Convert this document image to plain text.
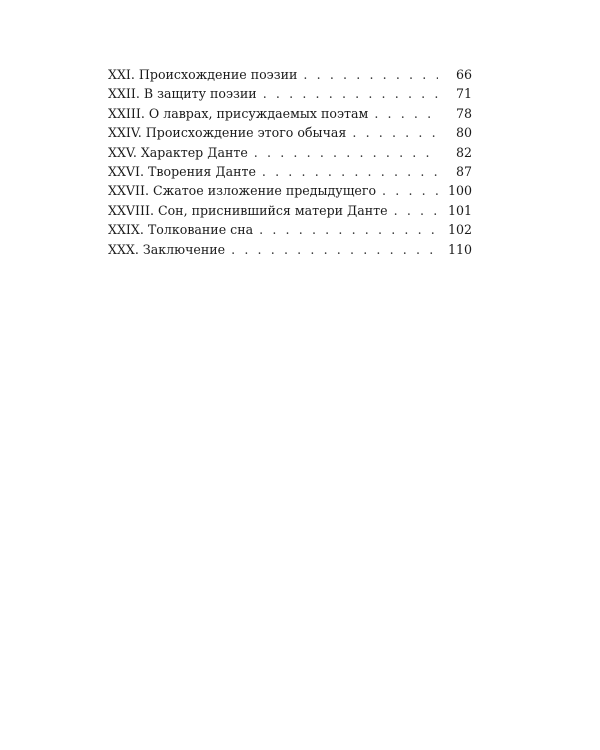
XXI. Происхождение поэзии . . .	66
XXII. В защиту поэзии . . .	71
XXIII. О лаврах, присуждаемых поэтам . . .	78
XXIV. Происхождение этого обычая . . .	80
XXV. Характер Данте . . .	82
XXVI. Творения Данте . . .	87
XXVII. Сжатое изложение предыдущего . . .	100
XXVIII. Сон, приснившийся матери Данте . . .	101
XXIX. Толкование сна . . .	102
XXX. Заключение . . .	110
